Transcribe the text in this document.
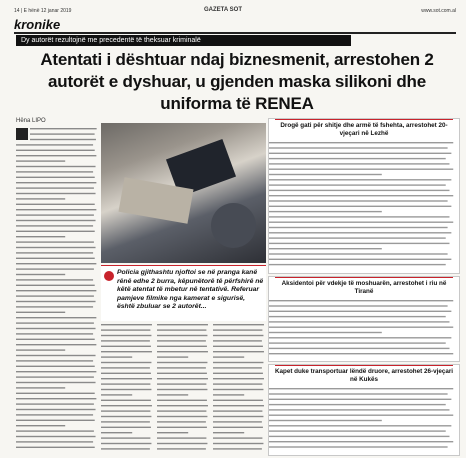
14 | E hënë 12 janar 2019	GAZETA SOT	www.sot.com.al
kronike
Dy autorët rezultojnë me precedentë të theksuar kriminalë
Atentati i dështuar ndaj biznesmenit, arrestohen 2 autorët e dyshuar, u gjenden maska silikoni dhe uniforma të RENEA
Hëna LIPO
Policia gjithashtu njoftoi se në pranga kanë rënë edhe 2 burra, këpunëtorë të përfshirë në këtë atentat të mbetur në tentativë. Referuar pamjeve filmike nga kamerat e sigurisë, është zbuluar se 2 autorët...
Drogë gati për shitje dhe armë të fshehta, arrestohet 20-vjeçari në Lezhë
Aksidentoi për vdekje të moshuarën, arrestohet i riu në Tiranë
Kapet duke transportuar lëndë druore, arrestohet 26-vjeçari në Kukës
